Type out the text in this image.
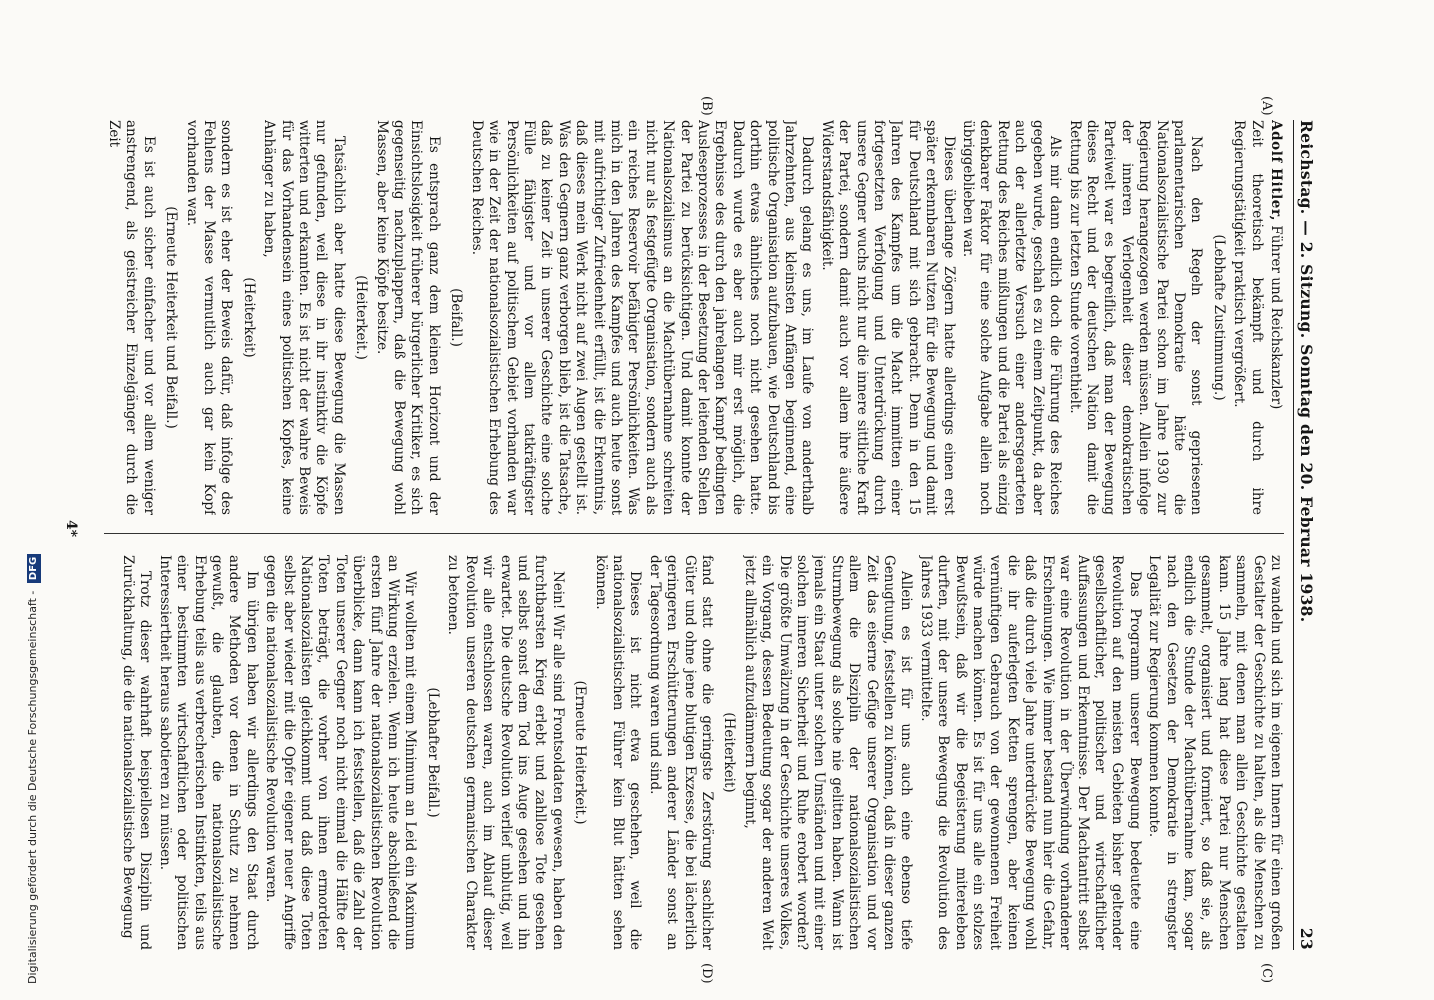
Reichstag. — 2. Sitzung. Sonntag den 20. Februar 1938.
23
(A)
(B)
(C)
(D)

Adolf Hitler, Führer und Reichskanzler)

Zeit theoretisch bekämpft und durch ihre Regierungstätigkeit praktisch vergrößert.

(Lebhafte Zustimmung.)

Nach den Regeln der sonst gepriesenen parlamentarischen Demokratie hätte die Nationalsozialistische Partei schon im Jahre 1930 zur Regierung herangezogen werden müssen. Allein infolge der inneren Verlogenheit dieser demokratischen Parteiwelt war es begreiflich, daß man der Bewegung dieses Recht und der deutschen Nation damit die Rettung bis zur letzten Stunde vorenthielt.

Als mir dann endlich doch die Führung des Reiches gegeben wurde, geschah es zu einem Zeitpunkt, da aber auch der allerletzte Versuch einer andersgearteten Rettung des Reiches mißlungen und die Partei als einzig denkbarer Faktor für eine solche Aufgabe allein noch übriggeblieben war.

Dieses überlange Zögern hatte allerdings einen erst später erkennbaren Nutzen für die Bewegung und damit für Deutschland mit sich gebracht. Denn in den 15 Jahren des Kampfes um die Macht immitten einer fortgesetzten Verfolgung und Unterdrückung durch unsere Gegner wuchs nicht nur die innere sittliche Kraft der Partei, sondern damit auch vor allem ihre äußere Widerstandsfähigkeit.

Dadurch gelang es uns, im Laufe von anderthalb Jahrzehnten, aus kleinsten Anfängen beginnend, eine politische Organisation aufzubauen, wie Deutschland bis dorthin etwas ähnliches noch nicht gesehen hatte. Dadurch wurde es aber auch mir erst möglich, die Ergebnisse des durch den jahrelangen Kampf bedingten Ausleseprozesses in der Besetzung der leitenden Stellen der Partei zu berücksichtigen. Und damit konnte der Nationalsozialismus an die Machtübernahme schreiten nicht nur als festgefügte Organisation, sondern auch als ein reiches Reservoir befähigter Persönlichkeiten. Was mich in den Jahren des Kampfes und auch heute sonst mit aufrichtiger Zufriedenheit erfüllt, ist die Erkenntnis, daß dieses mein Werk nicht auf zwei Augen gestellt ist. Was den Gegnern ganz verborgen blieb, ist die Tatsache, daß zu keiner Zeit in unserer Geschichte eine solche Fülle fähigster und vor allem tatkräftigster Persönlichkeiten auf politischem Gebiet vorhanden war wie in der Zeit der nationalsozialistischen Erhebung des Deutschen Reiches.

(Beifall.)

Es entsprach ganz dem kleinen Horizont und der Einsichtslosigkeit früherer bürgerlicher Kritiker, es sich gegenseitig nachzuplappern, daß die Bewegung wohl Massen, aber keine Köpfe besitze.

(Heiterkeit.)

Tatsächlich aber hatte diese Bewegung die Massen nur gefunden, weil diese in ihr instinktiv die Köpfe witterten und erkannten. Es ist nicht der wahre Beweis für das Vorhandensein eines politischen Kopfes, keine Anhänger zu haben,

(Heiterkeit)

sondern es ist eher der Beweis dafür, daß infolge des Fehlens der Masse vermutlich auch gar kein Kopf vorhanden war.

(Erneute Heiterkeit und Beifall.)

Es ist auch sicher einfacher und vor allem weniger anstrengend, als geistreicher Einzelgänger durch die Zeit

zu wandeln und sich im eigenen Innern für einen großen Gestalter der Geschichte zu halten, als die Menschen zu sammeln, mit denen man allein Geschichte gestalten kann. 15 Jahre lang hat diese Partei nur Menschen gesammelt, organisiert und formiert, so daß sie, als endlich die Stunde der Machtübernahme kam, sogar nach den Gesetzen der Demokratie in strengster Legalität zur Regierung kommen konnte.

Das Programm unserer Bewegung bedeutete eine Revolution auf den meisten Gebieten bisher geltender gesellschaftlicher, politischer und wirtschaftlicher Auffassungen und Erkenntnisse. Der Machtantritt selbst war eine Revolution in der Überwindung vorhandener Erscheinungen. Wie immer bestand nun hier die Gefahr, daß die durch viele Jahre unterdrückte Bewegung wohl die ihr auferlegten Ketten sprengen, aber keinen vernünftigen Gebrauch von der gewonnenen Freiheit würde machen können. Es ist für uns alle ein stolzes Bewußtsein, daß wir die Begeisterung mitereleben durften, mit der unsere Bewegung die Revolution des Jahres 1933 vermittelte.

Allein es ist für uns auch eine ebenso tiefe Genugtuung, feststellen zu können, daß in dieser ganzen Zeit das eiserne Gefüge unserer Organisation und vor allem die Disziplin der nationalsozialistischen Sturmbewegung als solche nie gelitten haben. Wann ist jemals ein Staat unter solchen Umständen und mit einer solchen inneren Sicherheit und Ruhe erobert worden? Die größte Umwälzung in der Geschichte unseres Volkes, ein Vorgang, dessen Bedeutung sogar der anderen Welt jetzt allmählich aufzudämmern beginnt,

(Heiterkeit)

fand statt ohne die geringste Zerstörung sachlicher Güter und ohne jene blutigen Exzesse, die bei lächerlich geringeren Erschütterungen anderer Länder sonst an der Tagesordnung waren und sind.

Dieses ist nicht etwa geschehen, weil die nationalsozialistischen Führer kein Blut hätten sehen können.

(Erneute Heiterkeit.)

Nein! Wir alle sind Frontsoldaten gewesen, haben den furchtbarsten Krieg erlebt und zahllose Tote gesehen und selbst sonst dem Tod ins Auge gesehen und ihn erwartet. Die deutsche Revolution verlief unblutig, weil wir alle entschlossen waren, auch im Ablauf dieser Revolution unseren deutschen germanischen Charakter zu betonen.

(Lebhafter Beifall.)

Wir wollten mit einem Minimum an Leid ein Maximum an Wirkung erzielen. Wenn ich heute abschließend die ersten fünf Jahre der nationalsozialistischen Revolution überblicke, dann kann ich feststellen, daß die Zahl der Toten unserer Gegner noch nicht einmal die Hälfte der Toten beträgt, die vorher von ihnen ermordeten Nationalsozialisten gleichkommt und daß diese Toten selbst aber wieder mit die Opfer eigener neuer Angriffe gegen die nationalsozialistische Revolution waren.

Im übrigen haben wir allerdings den Staat durch andere Methoden vor denen in Schutz zu nehmen gewußt, die glaubten, die nationalsozialistische Erhebung teils aus verbrecherischen Instinkten, teils aus einer bestimmten wirtschaftlichen oder politischen Interessiertheit heraus sabotieren zu müssen.

Trotz dieser wahrhaft beispiellosen Disziplin und Zurückhaltung, die die nationalsozialistische Bewegung

4*
Digitalisierung gefördert durch die Deutsche Forschungsgemeinschaft - DFG
